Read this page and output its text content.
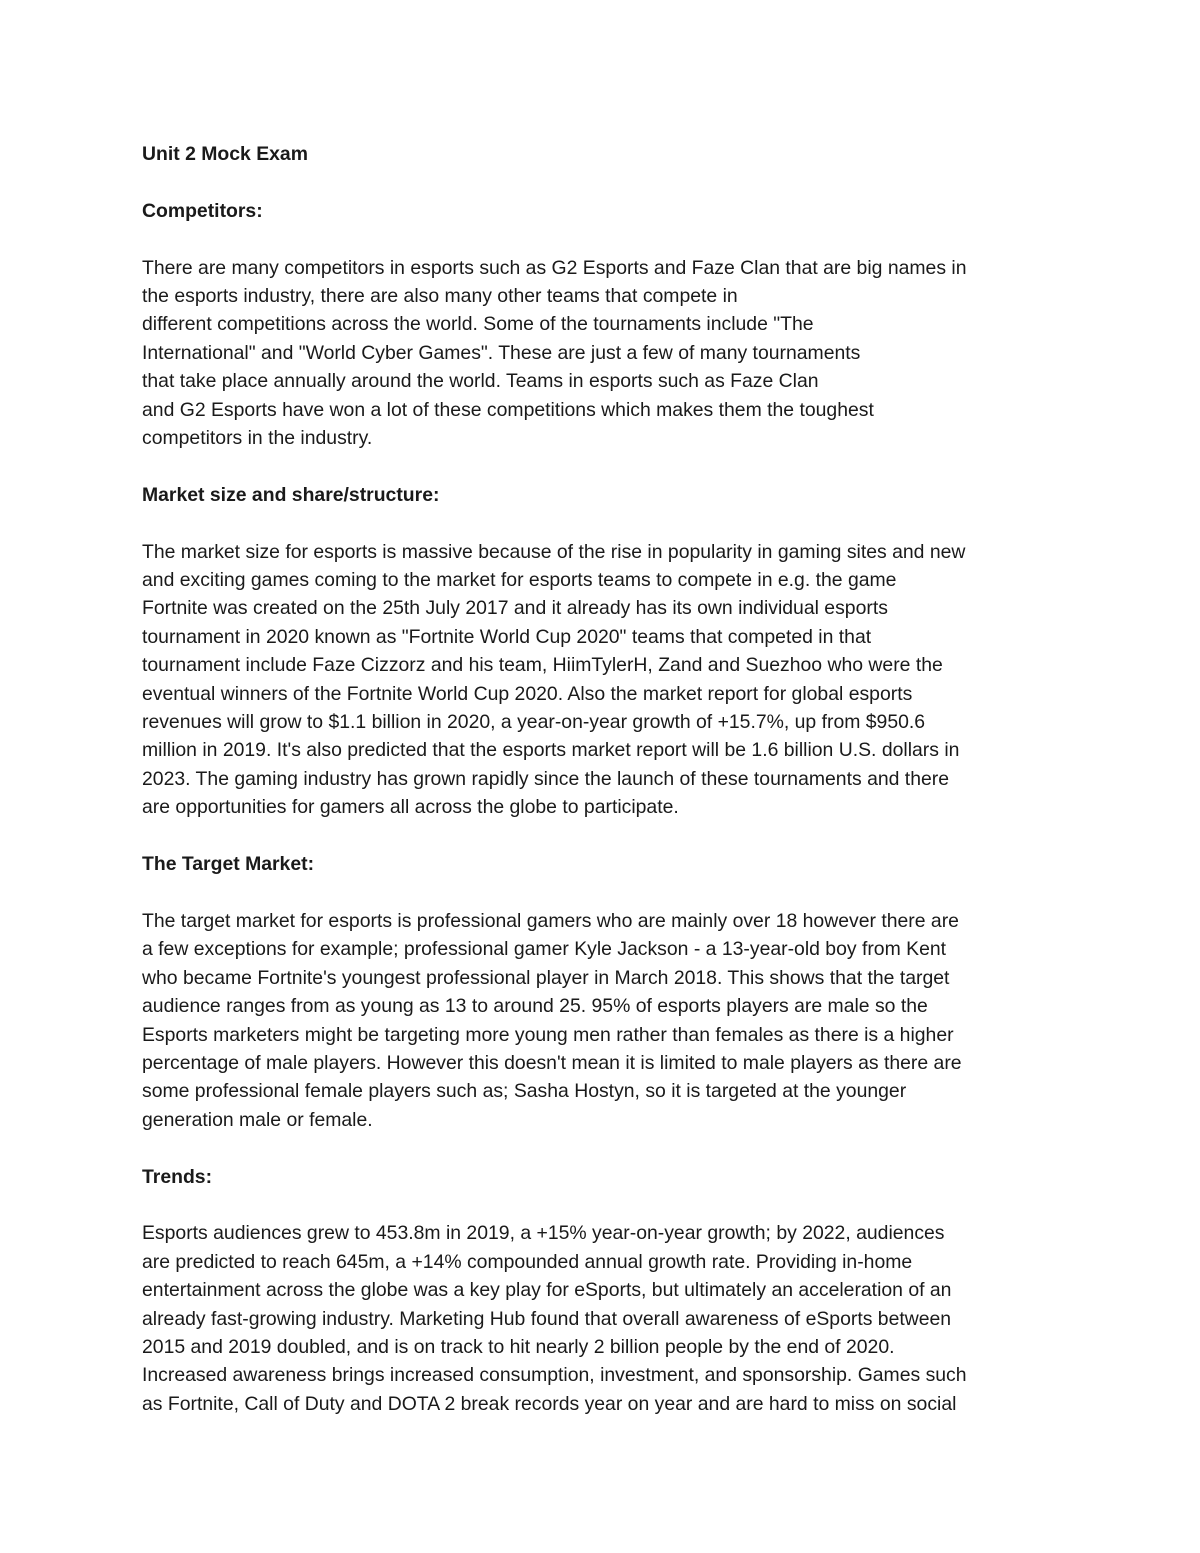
Unit 2 Mock Exam
Competitors:
There are many competitors in esports such as G2 Esports and Faze Clan that are big names in
the esports industry, there are also many other teams that compete in
different competitions across the world. Some of the tournaments include "The
International" and "World Cyber Games". These are just a few of many tournaments
that take place annually around the world. Teams in esports such as Faze Clan
and G2 Esports have won a lot of these competitions which makes them the toughest
competitors in the industry.
Market size and share/structure:
The market size for esports is massive because of the rise in popularity in gaming sites and new
and exciting games coming to the market for esports teams to compete in e.g. the game
Fortnite was created on the 25th July 2017 and it already has its own individual esports
tournament in 2020 known as "Fortnite World Cup 2020" teams that competed in that
tournament include Faze Cizzorz and his team, HiimTylerH, Zand and Suezhoo who were the
eventual winners of the Fortnite World Cup 2020. Also the market report for global esports
revenues will grow to $1.1 billion in 2020, a year-on-year growth of +15.7%, up from $950.6
million in 2019. It's also predicted that the esports market report will be 1.6 billion U.S. dollars in
2023. The gaming industry has grown rapidly since the launch of these tournaments and there
are opportunities for gamers all across the globe to participate.
The Target Market:
The target market for esports is professional gamers who are mainly over 18 however there are
a few exceptions for example; professional gamer Kyle Jackson - a 13-year-old boy from Kent
who became Fortnite's youngest professional player in March 2018. This shows that the target
audience ranges from as young as 13 to around 25. 95% of esports players are male so the
Esports marketers might be targeting more young men rather than females as there is a higher
percentage of male players. However this doesn't mean it is limited to male players as there are
some professional female players such as; Sasha Hostyn, so it is targeted at the younger
generation male or female.
Trends:
Esports audiences grew to 453.8m in 2019, a +15% year-on-year growth; by 2022, audiences
are predicted to reach 645m, a +14% compounded annual growth rate. Providing in-home
entertainment across the globe was a key play for eSports, but ultimately an acceleration of an
already fast-growing industry. Marketing Hub found that overall awareness of eSports between
2015 and 2019 doubled, and is on track to hit nearly 2 billion people by the end of 2020.
Increased awareness brings increased consumption, investment, and sponsorship. Games such
as Fortnite, Call of Duty and DOTA 2 break records year on year and are hard to miss on social
